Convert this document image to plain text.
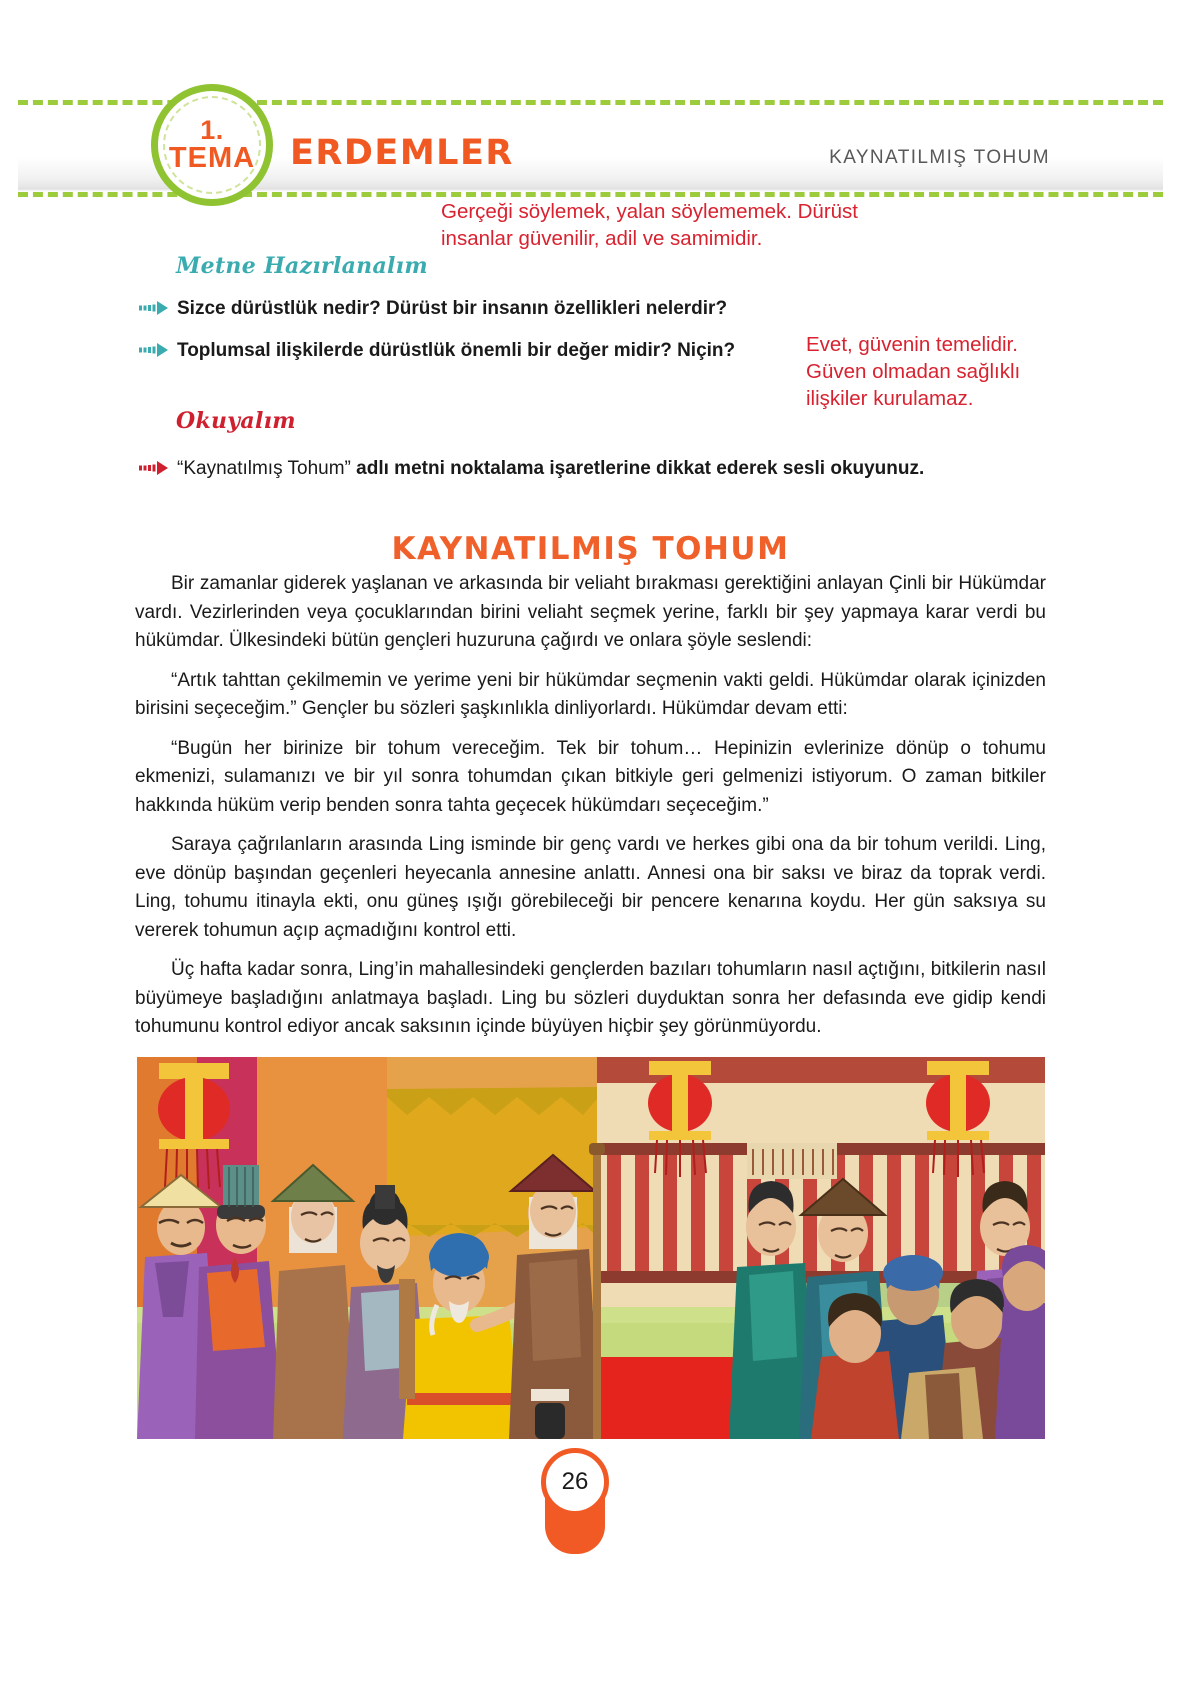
1.
TEMA ERDEMLER	KAYNATILMIŞ TOHUM
Metne Hazırlanalım
Gerçeği söylemek, yalan söylememek. Dürüst insanlar güvenilir, adil ve samimidir.
Evet, güvenin temelidir. Güven olmadan sağlıklı ilişkiler kurulamaz.
Sizce dürüstlük nedir? Dürüst bir insanın özellikleri nelerdir?
Toplumsal ilişkilerde dürüstlük önemli bir değer midir? Niçin?
Okuyalım
“Kaynatılmış Tohum” adlı metni noktalama işaretlerine dikkat ederek sesli okuyunuz.
KAYNATILMIŞ TOHUM

Bir zamanlar giderek yaşlanan ve arkasında bir veliaht bırakması gerektiğini anlayan Çinli bir Hükümdar vardı. Vezirlerinden veya çocuklarından birini veliaht seçmek yerine, farklı bir şey yapmaya karar verdi bu hükümdar. Ülkesindeki bütün gençleri huzuruna çağırdı ve onlara şöyle seslendi:

“Artık tahttan çekilmemin ve yerime yeni bir hükümdar seçmenin vakti geldi. Hükümdar olarak içinizden birisini seçeceğim.” Gençler bu sözleri şaşkınlıkla dinliyorlardı. Hükümdar devam etti:

“Bugün her birinize bir tohum vereceğim. Tek bir tohum… Hepinizin evlerinize dönüp o tohumu ekmenizi, sulamanızı ve bir yıl sonra tohumdan çıkan bitkiyle geri gelmenizi istiyorum. O zaman bitkiler hakkında hüküm verip benden sonra tahta geçecek hükümdarı seçeceğim.”

Saraya çağrılanların arasında Ling isminde bir genç vardı ve herkes gibi ona da bir tohum verildi. Ling, eve dönüp başından geçenleri heyecanla annesine anlattı. Annesi ona bir saksı ve biraz da toprak verdi. Ling, tohumu itinayla ekti, onu güneş ışığı görebileceği bir pencere kenarına koydu. Her gün saksıya su vererek tohumun açıp açmadığını kontrol etti.

Üç hafta kadar sonra, Ling’in mahallesindeki gençlerden bazıları tohumların nasıl açtığını, bitkilerin nasıl büyümeye başladığını anlatmaya başladı. Ling bu sözleri duyduktan sonra her defasında eve gidip kendi tohumunu kontrol ediyor ancak saksının içinde büyüyen hiçbir şey görünmüyordu.

26
